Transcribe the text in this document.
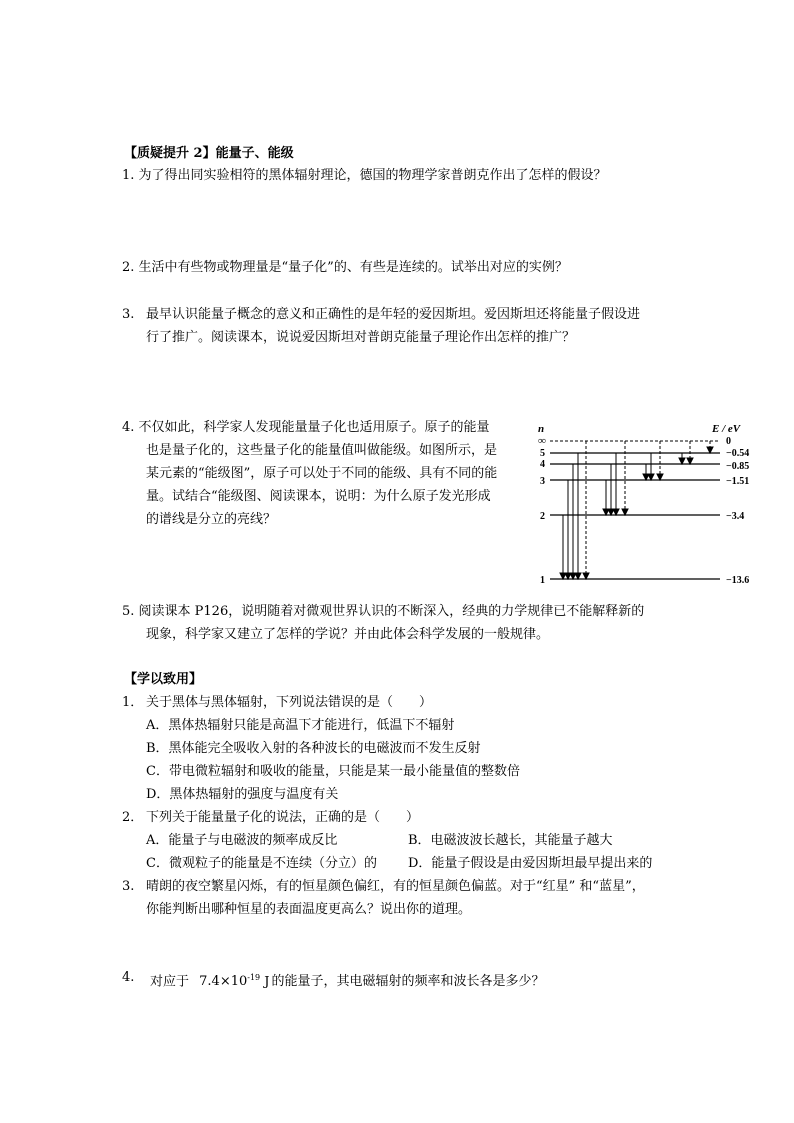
【质疑提升 2】能量子、能级
1. 为了得出同实验相符的黑体辐射理论，德国的物理学家普朗克作出了怎样的假设？
2. 生活中有些物或物理量是“量子化”的、有些是连续的。试举出对应的实例？
3. 最早认识能量子概念的意义和正确性的是年轻的爱因斯坦。爱因斯坦还将能量子假设进
行了推广。阅读课本，说说爱因斯坦对普朗克能量子理论作出怎样的推广？
4. 不仅如此，科学家人发现能量量子化也适用原子。原子的能量
也是量子化的，这些量子化的能量值叫做能级。如图所示，是
某元素的“能级图”，原子可以处于不同的能级、具有不同的能
量。试结合“能级图、阅读课本，说明：为什么原子发光形成
的谱线是分立的亮线？
n	E / eV
∞
5
4
3
2
1
0
−0.54
−0.85
−1.51
−3.4
−13.6
5. 阅读课本 P126，说明随着对微观世界认识的不断深入，经典的力学规律已不能解释新的
现象，科学家又建立了怎样的学说？并由此体会科学发展的一般规律。
【学以致用】
1． 关于黑体与黑体辐射，下列说法错误的是（　　）
A．黑体热辐射只能是高温下才能进行，低温下不辐射
B．黑体能完全吸收入射的各种波长的电磁波而不发生反射
C．带电微粒辐射和吸收的能量，只能是某一最小能量值的整数倍
D．黑体热辐射的强度与温度有关
2． 下列关于能量量子化的说法，正确的是（　　）
A．能量子与电磁波的频率成反比	B．电磁波波长越长，其能量子越大
C．微观粒子的能量是不连续（分立）的 D．能量子假设是由爱因斯坦最早提出来的
3. 晴朗的夜空繁星闪烁，有的恒星颜色偏红，有的恒星颜色偏蓝。对于“红星” 和“蓝星”，
你能判断出哪种恒星的表面温度更高么？说出你的道理。
4. 对应于 $7.4\times 10^{-19}$ J 的能量子，其电磁辐射的频率和波长各是多少？
